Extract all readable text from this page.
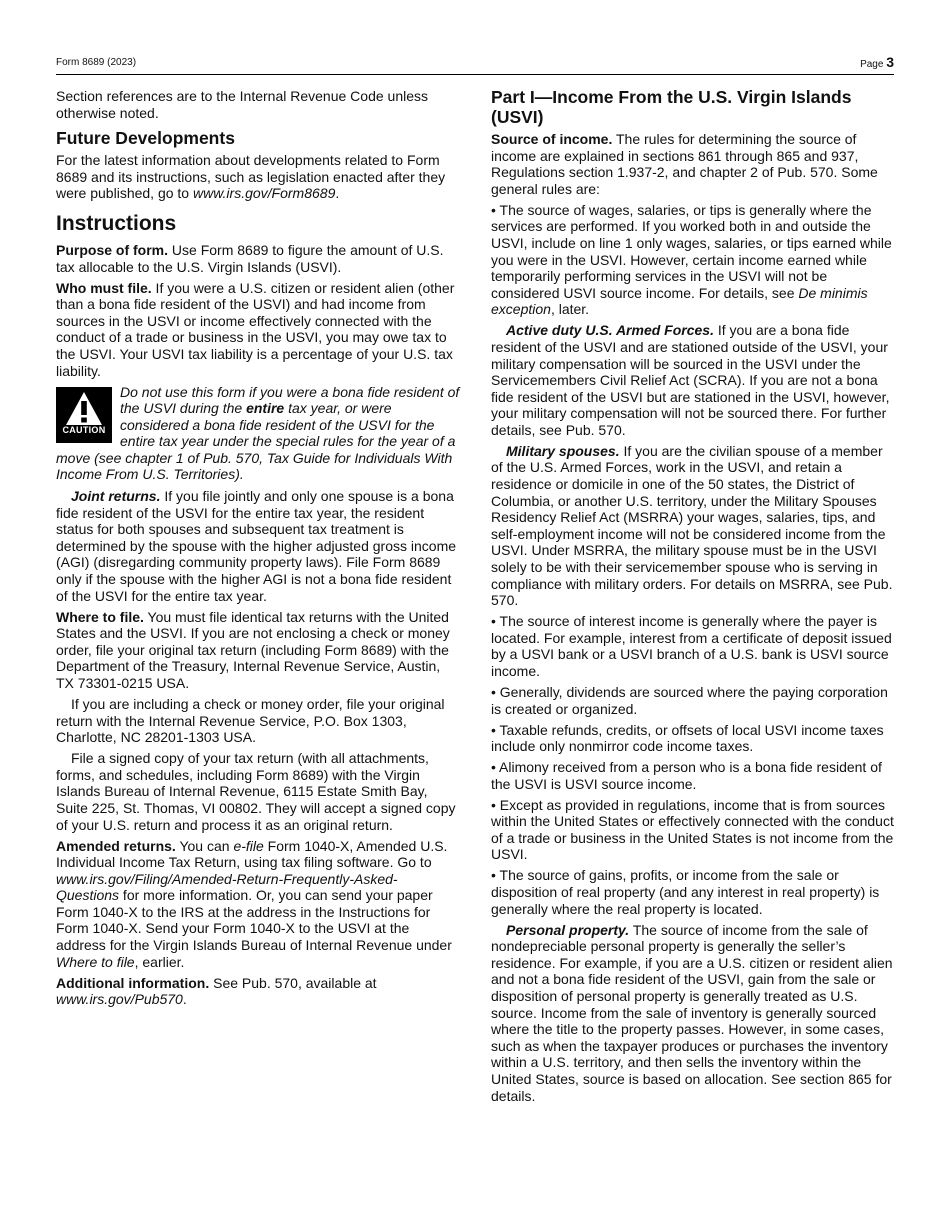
Form 8689 (2023)	Page 3

Section references are to the Internal Revenue Code unless otherwise noted.

Future Developments

For the latest information about developments related to Form 8689 and its instructions, such as legislation enacted after they were published, go to www.irs.gov/Form8689.

Instructions

Purpose of form. Use Form 8689 to figure the amount of U.S. tax allocable to the U.S. Virgin Islands (USVI).

Who must file. If you were a U.S. citizen or resident alien (other than a bona fide resident of the USVI) and had income from sources in the USVI or income effectively connected with the conduct of a trade or business in the USVI, you may owe tax to the USVI. Your USVI tax liability is a percentage of your U.S. tax liability.

CAUTION
Do not use this form if you were a bona fide resident of the USVI during the entire tax year, or were considered a bona fide resident of the USVI for the entire tax year under the special rules for the year of a move (see chapter 1 of Pub. 570, Tax Guide for Individuals With Income From U.S. Territories).

Joint returns. If you file jointly and only one spouse is a bona fide resident of the USVI for the entire tax year, the resident status for both spouses and subsequent tax treatment is determined by the spouse with the higher adjusted gross income (AGI) (disregarding community property laws). File Form 8689 only if the spouse with the higher AGI is not a bona fide resident of the USVI for the entire tax year.

Where to file. You must file identical tax returns with the United States and the USVI. If you are not enclosing a check or money order, file your original tax return (including Form 8689) with the Department of the Treasury, Internal Revenue Service, Austin, TX 73301-0215 USA.

If you are including a check or money order, file your original return with the Internal Revenue Service, P.O. Box 1303, Charlotte, NC 28201-1303 USA.

File a signed copy of your tax return (with all attachments, forms, and schedules, including Form 8689) with the Virgin Islands Bureau of Internal Revenue, 6115 Estate Smith Bay, Suite 225, St. Thomas, VI 00802. They will accept a signed copy of your U.S. return and process it as an original return.

Amended returns. You can e-file Form 1040-X, Amended U.S. Individual Income Tax Return, using tax filing software. Go to www.irs.gov/Filing/Amended-Return-Frequently-Asked-Questions for more information. Or, you can send your paper Form 1040-X to the IRS at the address in the Instructions for Form 1040-X. Send your Form 1040-X to the USVI at the address for the Virgin Islands Bureau of Internal Revenue under Where to file, earlier.

Additional information. See Pub. 570, available at www.irs.gov/Pub570.

Part I—Income From the U.S. Virgin Islands (USVI)

Source of income. The rules for determining the source of income are explained in sections 861 through 865 and 937, Regulations section 1.937-2, and chapter 2 of Pub. 570. Some general rules are:

• The source of wages, salaries, or tips is generally where the services are performed. If you worked both in and outside the USVI, include on line 1 only wages, salaries, or tips earned while you were in the USVI. However, certain income earned while temporarily performing services in the USVI will not be considered USVI source income. For details, see De minimis exception, later.

Active duty U.S. Armed Forces. If you are a bona fide resident of the USVI and are stationed outside of the USVI, your military compensation will be sourced in the USVI under the Servicemembers Civil Relief Act (SCRA). If you are not a bona fide resident of the USVI but are stationed in the USVI, however, your military compensation will not be sourced there. For further details, see Pub. 570.

Military spouses. If you are the civilian spouse of a member of the U.S. Armed Forces, work in the USVI, and retain a residence or domicile in one of the 50 states, the District of Columbia, or another U.S. territory, under the Military Spouses Residency Relief Act (MSRRA) your wages, salaries, tips, and self-employment income will not be considered income from the USVI. Under MSRRA, the military spouse must be in the USVI solely to be with their servicemember spouse who is serving in compliance with military orders. For details on MSRRA, see Pub. 570.

• The source of interest income is generally where the payer is located. For example, interest from a certificate of deposit issued by a USVI bank or a USVI branch of a U.S. bank is USVI source income.

• Generally, dividends are sourced where the paying corporation is created or organized.

• Taxable refunds, credits, or offsets of local USVI income taxes include only nonmirror code income taxes.

• Alimony received from a person who is a bona fide resident of the USVI is USVI source income.

• Except as provided in regulations, income that is from sources within the United States or effectively connected with the conduct of a trade or business in the United States is not income from the USVI.

• The source of gains, profits, or income from the sale or disposition of real property (and any interest in real property) is generally where the real property is located.

Personal property. The source of income from the sale of nondepreciable personal property is generally the seller’s residence. For example, if you are a U.S. citizen or resident alien and not a bona fide resident of the USVI, gain from the sale or disposition of personal property is generally treated as U.S. source. Income from the sale of inventory is generally sourced where the title to the property passes. However, in some cases, such as when the taxpayer produces or purchases the inventory within a U.S. territory, and then sells the inventory within the United States, source is based on allocation. See section 865 for details.
